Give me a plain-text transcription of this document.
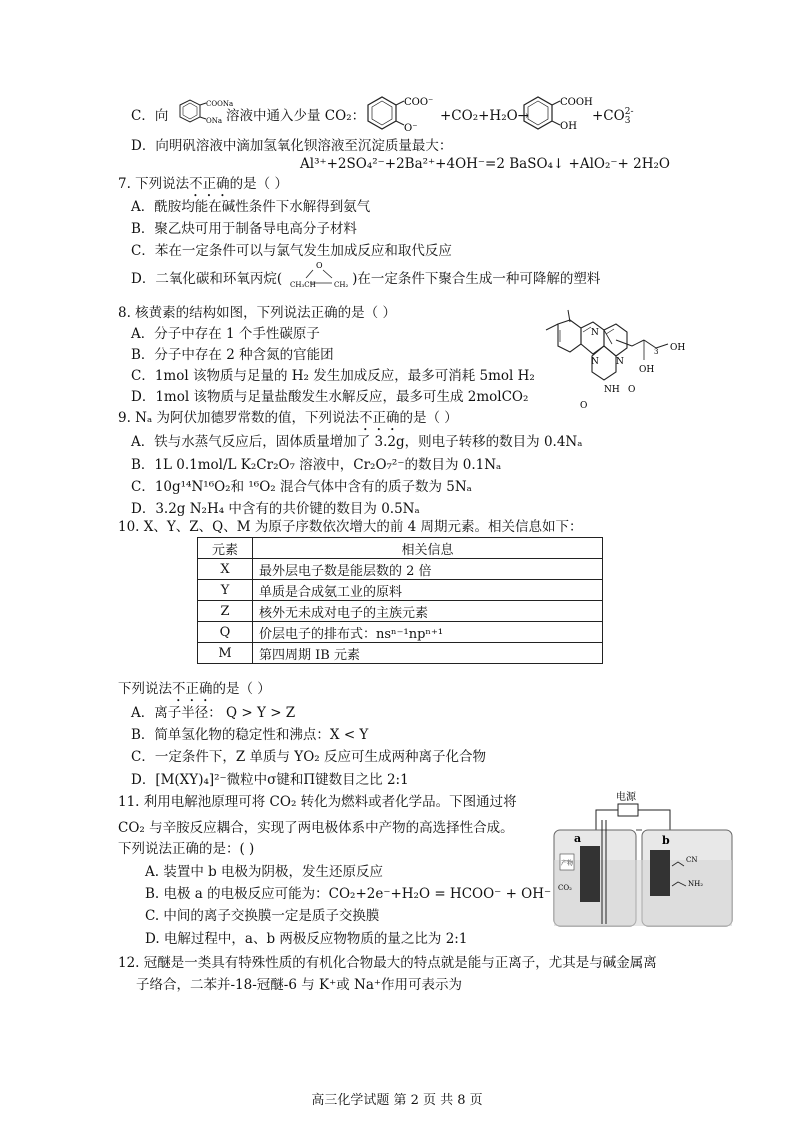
C．向
COONa
ONa 溶液中通入少量 CO₂：
COO⁻
O⁻
+CO₂+H₂O→
COOH
OH
+CO 2-
3
D．向明矾溶液中滴加氢氧化钡溶液至沉淀质量最大：
Al³⁺+2SO₄²⁻+2Ba²⁺+4OH⁻=2 BaSO₄↓ +AlO₂⁻+ 2H₂O
7. 下列说法不正确的是（ ）
A．酰胺均能在碱性条件下水解得到氨气
B．聚乙炔可用于制备导电高分子材料
C．苯在一定条件可以与氯气发生加成反应和取代反应
D．二氧化碳和环氧丙烷(	)在一定条件下聚合生成一种可降解的塑料
O
CH₃CH	CH₂
8. 核黄素的结构如图，下列说法正确的是（ ）
A．分子中存在 1 个手性碳原子
B．分子中存在 2 种含氮的官能团
C．1mol 该物质与足量的 H₂ 发生加成反应，最多可消耗 5mol H₂
D．1mol 该物质与足量盐酸发生水解反应，最多可生成 2molCO₂
N
N N
NH
O
O
3 OH
OH
9. Nₐ 为阿伏加德罗常数的值，下列说法不正确的是（ ）
A．铁与水蒸气反应后，固体质量增加了 3.2g，则电子转移的数目为 0.4Nₐ
B．1L 0.1mol/L K₂Cr₂O₇ 溶液中，Cr₂O₇²⁻的数目为 0.1Nₐ
C．10g¹⁴N¹⁶O₂和 ¹⁶O₂ 混合气体中含有的质子数为 5Nₐ
D．3.2g N₂H₄ 中含有的共价键的数目为 0.5Nₐ
10. X、Y、Z、Q、M 为原子序数依次增大的前 4 周期元素。相关信息如下：
元素	相关信息
X	最外层电子数是能层数的 2 倍
Y	单质是合成氨工业的原料
Z	核外无未成对电子的主族元素
Q	价层电子的排布式：nsⁿ⁻¹npⁿ⁺¹
M	第四周期 IB 元素
下列说法不正确的是（ ）
A．离子半径： Q > Y > Z
B．简单氢化物的稳定性和沸点：X < Y
C．一定条件下，Z 单质与 YO₂ 反应可生成两种离子化合物
D．[M(XY)₄]²⁻微粒中σ键和Π键数目之比 2:1
11. 利用电解池原理可将 CO₂ 转化为燃料或者化学品。下图通过将
CO₂ 与辛胺反应耦合，实现了两电极体系中产物的高选择性合成。
下列说法正确的是：( )
A. 装置中 b 电极为阴极，发生还原反应
B. 电极 a 的电极反应可能为：CO₂+2e⁻+H₂O = HCOO⁻ + OH⁻
C. 中间的离子交换膜一定是质子交换膜
D. 电解过程中，a、b 两极反应物物质的量之比为 2:1
电源
a	b
产物
CO₂
CN
NH₂
12. 冠醚是一类具有特殊性质的有机化合物最大的特点就是能与正离子，尤其是与碱金属离
子络合，二苯并-18-冠醚-6 与 K⁺或 Na⁺作用可表示为
高三化学试题 第 2 页 共 8 页
